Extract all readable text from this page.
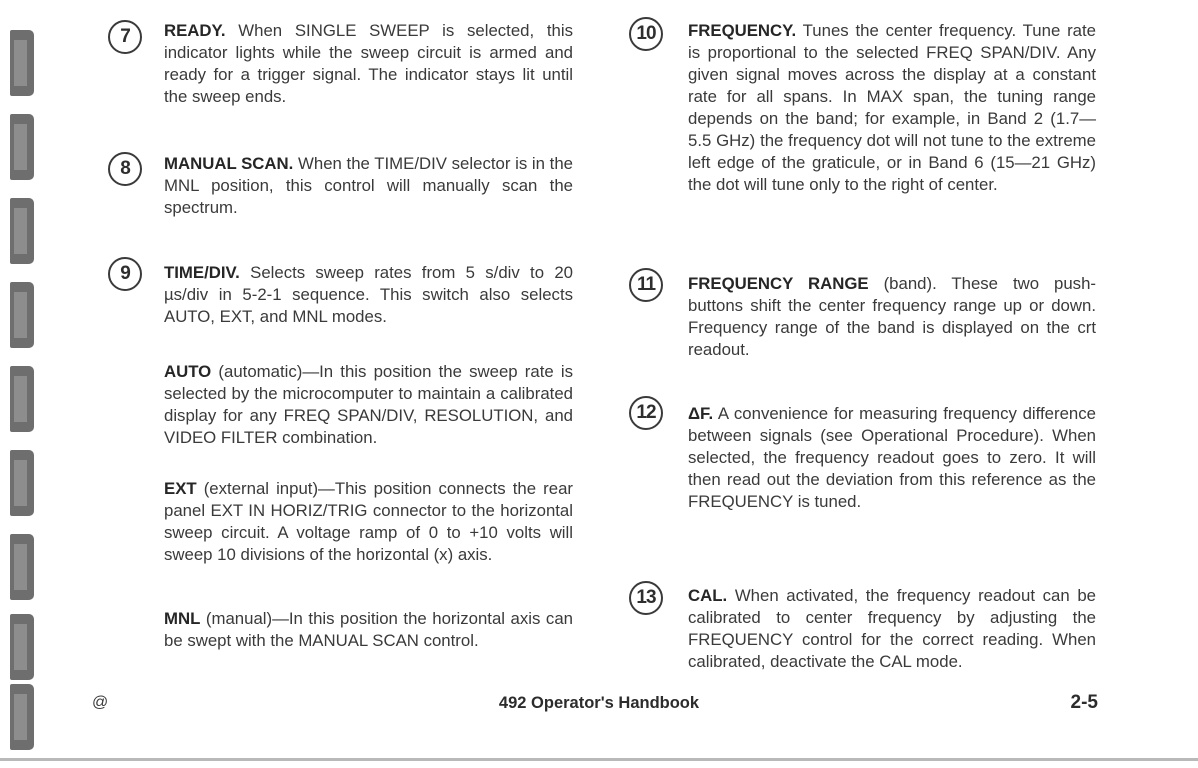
7	READY. When SINGLE SWEEP is selected, this indicator lights while the sweep circuit is armed and ready for a trigger signal. The indicator stays lit until the sweep ends.
8	MANUAL SCAN. When the TIME/DIV selector is in the MNL position, this control will manually scan the spectrum.
9	TIME/DIV. Selects sweep rates from 5 s/div to 20 µs/div in 5-2-1 sequence. This switch also selects AUTO, EXT, and MNL modes.
AUTO (automatic)—In this position the sweep rate is selected by the microcomputer to maintain a calibrated display for any FREQ SPAN/DIV, RESOLUTION, and VIDEO FILTER combination.
EXT (external input)—This position connects the rear panel EXT IN HORIZ/TRIG connector to the horizontal sweep circuit. A voltage ramp of 0 to +10 volts will sweep 10 divisions of the horizontal (x) axis.
MNL (manual)—In this position the horizontal axis can be swept with the MANUAL SCAN control.
10	FREQUENCY. Tunes the center frequency. Tune rate is proportional to the selected FREQ SPAN/DIV. Any given signal moves across the display at a constant rate for all spans. In MAX span, the tuning range depends on the band; for example, in Band 2 (1.7—5.5 GHz) the frequency dot will not tune to the extreme left edge of the graticule, or in Band 6 (15—21 GHz) the dot will tune only to the right of center.
11	FREQUENCY RANGE (band). These two push-buttons shift the center frequency range up or down. Frequency range of the band is displayed on the crt readout.
12	ΔF. A convenience for measuring frequency difference between signals (see Operational Procedure). When selected, the frequency readout goes to zero. It will then read out the deviation from this reference as the FREQUENCY is tuned.
13	CAL. When activated, the frequency readout can be calibrated to center frequency by adjusting the FREQUENCY control for the correct reading. When calibrated, deactivate the CAL mode.
@	492 Operator's Handbook	2-5
